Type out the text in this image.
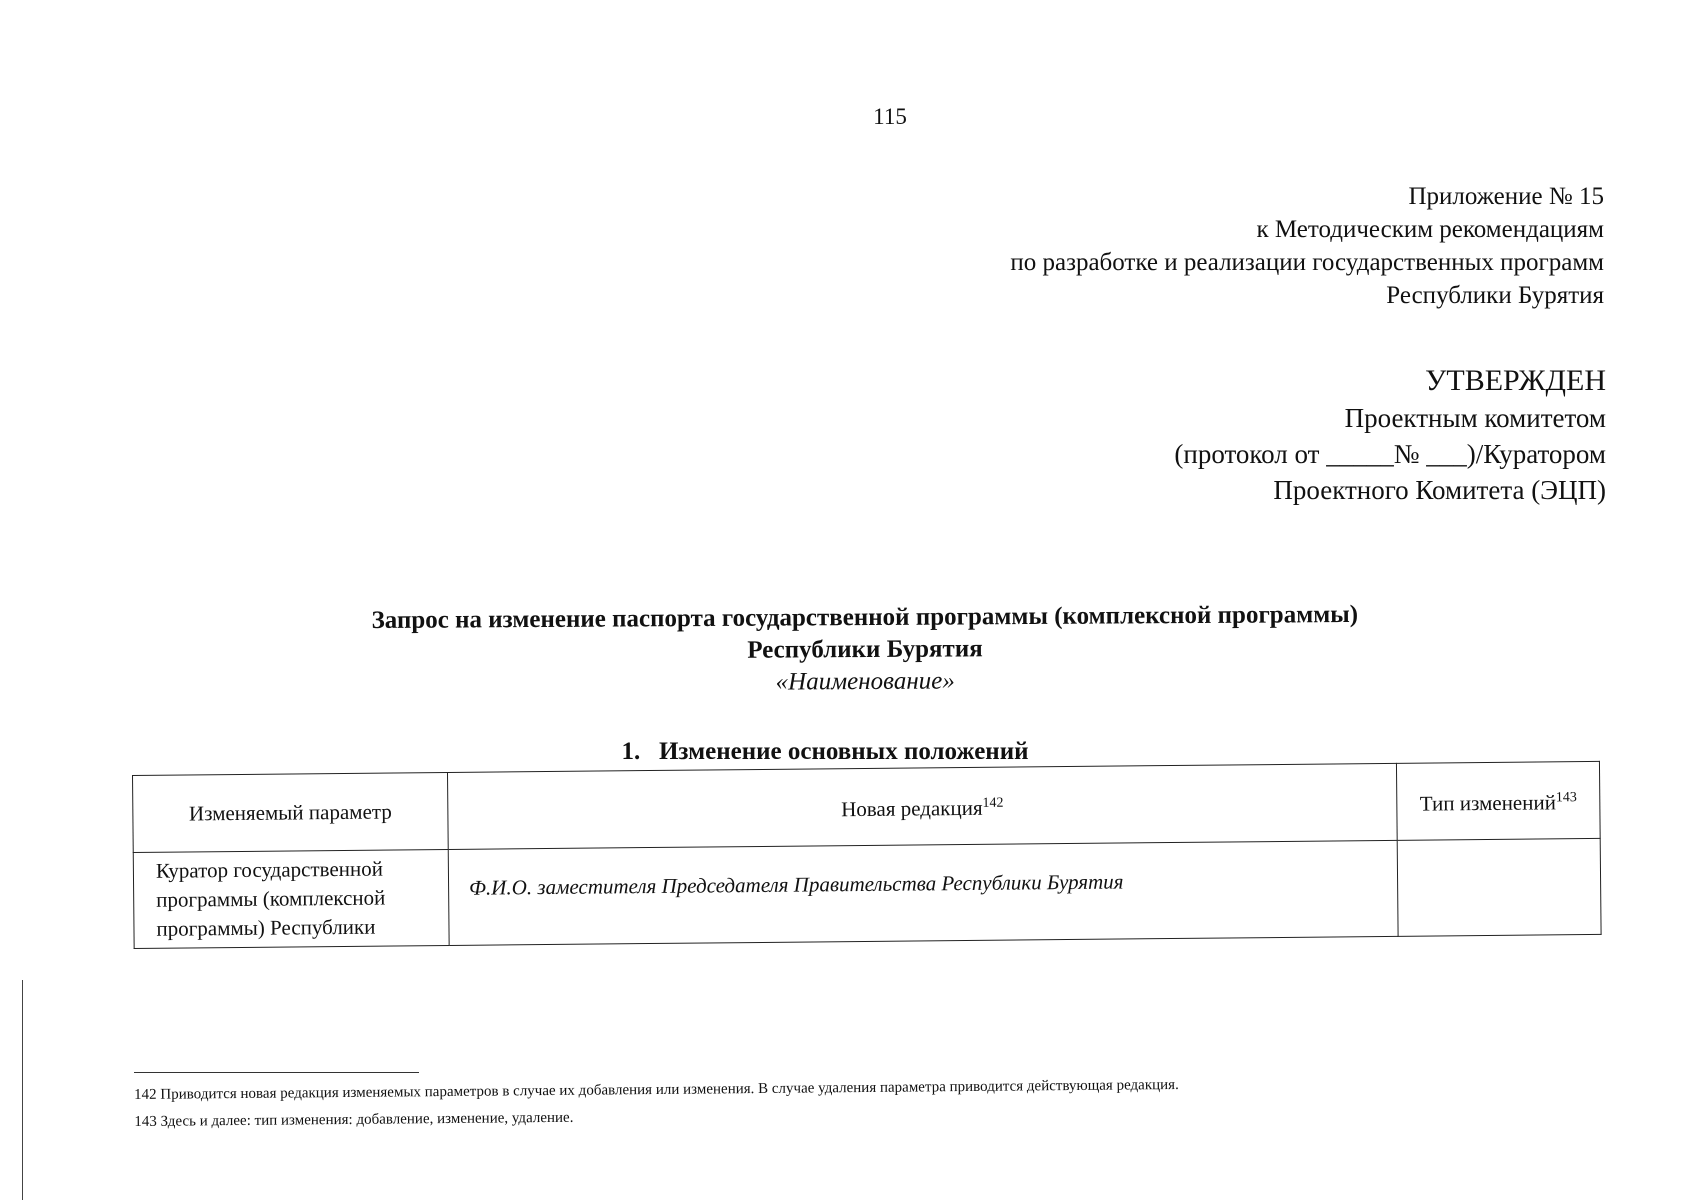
115
Приложение № 15
к Методическим рекомендациям
по разработке и реализации государственных программ
Республики Бурятия
УТВЕРЖДЕН
Проектным комитетом
(протокол от _____№ ___)/Куратором
Проектного Комитета (ЭЦП)
Запрос на изменение паспорта государственной программы (комплексной программы)
Республики Бурятия
«Наименование»
1. Изменение основных положений
Изменяемый параметр	Новая редакция$^{142}$	Тип изменений$^{143}$
Куратор государственной программы (комплексной программы) Республики	Ф.И.О. заместителя Председателя Правительства Республики Бурятия	
142 Приводится новая редакция изменяемых параметров в случае их добавления или изменения. В случае удаления параметра приводится действующая редакция.
143 Здесь и далее: тип изменения: добавление, изменение, удаление.
